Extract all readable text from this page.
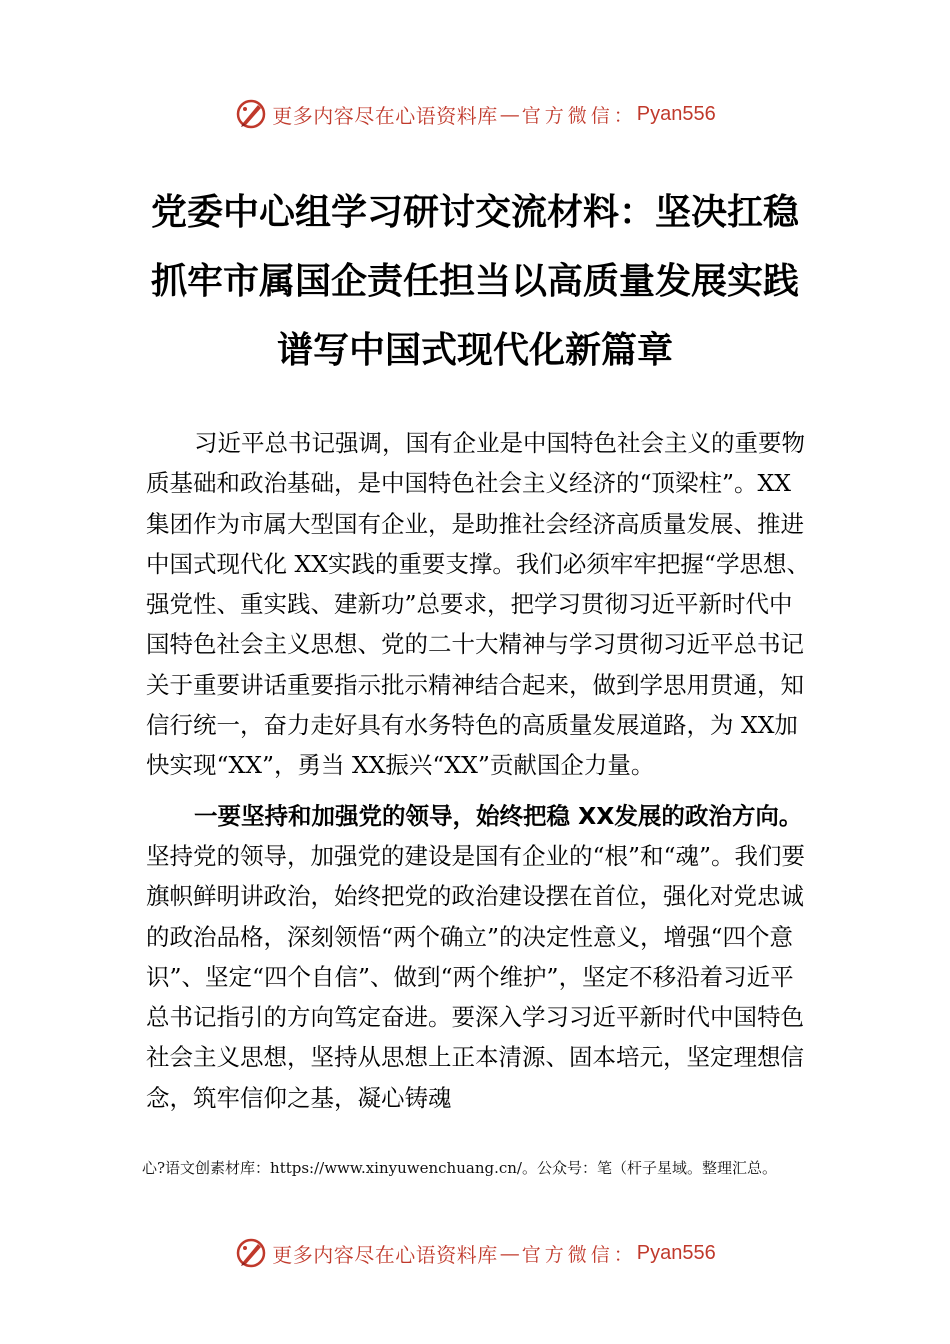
更多内容尽在心语资料库 — 官方微信： Pyan556
党委中心组学习研讨交流材料：坚决扛稳
抓牢市属国企责任担当以高质量发展实践
谱写中国式现代化新篇章

习近平总书记强调，国有企业是中国特色社会主义的重要物质基础和政治基础，是中国特色社会主义经济的“顶梁柱”。XX集团作为市属大型国有企业，是助推社会经济高质量发展、推进中国式现代化 XX实践的重要支撑。我们必须牢牢把握“学思想、强党性、重实践、建新功”总要求，把学习贯彻习近平新时代中国特色社会主义思想、党的二十大精神与学习贯彻习近平总书记关于重要讲话重要指示批示精神结合起来，做到学思用贯通，知信行统一，奋力走好具有水务特色的高质量发展道路，为 XX加快实现“XX”，勇当 XX振兴“XX”贡献国企力量。

一要坚持和加强党的领导，始终把稳 XX发展的政治方向。坚持党的领导，加强党的建设是国有企业的“根”和“魂”。我们要旗帜鲜明讲政治，始终把党的政治建设摆在首位，强化对党忠诚的政治品格，深刻领悟“两个确立”的决定性意义，增强“四个意识”、坚定“四个自信”、做到“两个维护”，坚定不移沿着习近平总书记指引的方向笃定奋进。要深入学习习近平新时代中国特色社会主义思想，坚持从思想上正本清源、固本培元，坚定理想信念，筑牢信仰之基，凝心铸魂

心?语文创素材库：https://www.xinyuwenchuang.cn/。公众号：笔（杆子星域。整理汇总。
更多内容尽在心语资料库 — 官方微信： Pyan556
